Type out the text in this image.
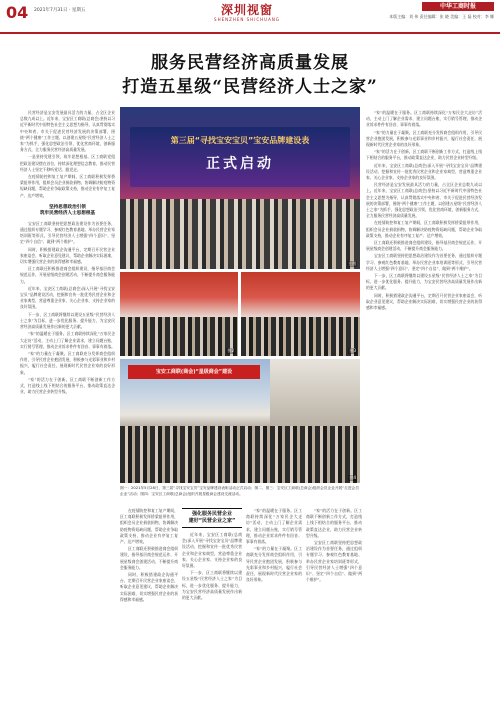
04 2021年7月31日 · 星期五	深圳视窗
SHENZHEN SHICHUANG
中华工商时报
本版主编：刘 伟 责任编辑：张 晓 美编：王 磊 校对：李 娜
服务民营经济高质量发展
打造五星级“民营经济人士之家”

民营经济是宝安发展最具活力的力量，占全区企业总数九成以上。近年来，宝安区工商联(总商会)坚持以习近平新时代中国特色社会主义思想为指导，认真贯彻落实中央和省、市关于促进民营经济发展的决策部署，围绕“两个健康”工作主题，以创建五星级“民营经济人士之家”为抓手，强化思想政治引领，优化营商环境，创新服务方式，全力服务民营经济高质量发展。

一是坚持党建引领，筑牢思想根基。区工商联党组把政治建设摆在首位，持续深化理想信念教育，推动民营经济人士坚定不移听党话、跟党走。

在疫情防控和复工复产期间，区工商联积极发挥桥梁纽带作用，组织会员企业捐款捐物，协调解决防疫物资短缺问题，帮助企业争取政策支持，推动企业有序复工复产、达产增效。

坚持思想政治引领
筑牢民营经济人士思想根基

宝安区工商联坚持把思想政治建设作为首要任务，通过组织专题学习、参观红色教育基地、举办民营企业家培训班等形式，引导民营经济人士增强“四个意识”、坚定“四个自信”、做到“两个维护”。

同时，积极搭建政企沟通平台，定期召开民营企业家座谈会，听取企业意见建议，帮助企业解决实际困难，切实增强民营企业的获得感和幸福感。

区工商联还积极推进商会组织建设，指导基层商会规范运作，开展星级商会创建活动，不断提升商会服务能力。

近年来，宝安区工商联(总商会)深入开展“寻找宝安宝贝”品牌建设活动，挖掘和宣传一批优秀民营企业和企业家典型，营造尊重企业家、关心企业家、支持企业家的良好氛围。

下一步，区工商联将继续以建设五星级“民营经济人士之家”为目标，进一步优化服务、提升能力，为宝安民营经济高质量发展作出新的更大贡献。

“家”的温暖在于服务。区工商联持续深化“万家民企大走访”活动，主动上门了解企业需求，建立问题台账，实行销号管理，推动企业诉求件件有回音、事事有着落。

“家”的力量在于凝聚。区工商联充分发挥商会组织作用，引导民营企业抱团发展，积极参与光彩事业和乡村振兴，履行社会责任，展现新时代民营企业家的良好形象。

“家”的活力在于创新。区工商联不断创新工作方式，打造线上线下相结合的服务平台，推动政策直达企业，助力民营企业转型升级。

第三届“寻找宝安宝贝”宝安品牌建设表
正式启动
主图
图2	图3
宝安工商联(商会)“星级商会”建设
图4
图一：2021年5月28日，第三届“寻找宝安宝贝”宝安品牌建设表彰活动正式启动；图二、图三：宝安区工商联(总商会)组织会员企业开展“走进会员企业”活动；图四：宝安区工商联(总商会)组织开展星级商会建设交流活动。

在疫情防控和复工复产期间，区工商联积极发挥桥梁纽带作用，组织会员企业捐款捐物，协调解决防疫物资短缺问题，帮助企业争取政策支持，推动企业有序复工复产、达产增效。

区工商联还积极推进商会组织建设，指导基层商会规范运作，开展星级商会创建活动，不断提升商会服务能力。

同时，积极搭建政企沟通平台，定期召开民营企业家座谈会，听取企业意见建议，帮助企业解决实际困难，切实增强民营企业的获得感和幸福感。

强化服务民营企业
建好“民营企业之家”

近年来，宝安区工商联(总商会)深入开展“寻找宝安宝贝”品牌建设活动，挖掘和宣传一批优秀民营企业和企业家典型，营造尊重企业家、关心企业家、支持企业家的良好氛围。

下一步，区工商联将继续以建设五星级“民营经济人士之家”为目标，进一步优化服务、提升能力，为宝安民营经济高质量发展作出新的更大贡献。

“家”的温暖在于服务。区工商联持续深化“万家民企大走访”活动，主动上门了解企业需求，建立问题台账，实行销号管理，推动企业诉求件件有回音、事事有着落。

“家”的力量在于凝聚。区工商联充分发挥商会组织作用，引导民营企业抱团发展，积极参与光彩事业和乡村振兴，履行社会责任，展现新时代民营企业家的良好形象。

“家”的活力在于创新。区工商联不断创新工作方式，打造线上线下相结合的服务平台，推动政策直达企业，助力民营企业转型升级。

宝安区工商联坚持把思想政治建设作为首要任务，通过组织专题学习、参观红色教育基地、举办民营企业家培训班等形式，引导民营经济人士增强“四个意识”、坚定“四个自信”、做到“两个维护”。

“家”的温暖在于服务。区工商联持续深化“万家民企大走访”活动，主动上门了解企业需求，建立问题台账，实行销号管理，推动企业诉求件件有回音、事事有着落。

“家”的力量在于凝聚。区工商联充分发挥商会组织作用，引导民营企业抱团发展，积极参与光彩事业和乡村振兴，履行社会责任，展现新时代民营企业家的良好形象。

“家”的活力在于创新。区工商联不断创新工作方式，打造线上线下相结合的服务平台，推动政策直达企业，助力民营企业转型升级。

近年来，宝安区工商联(总商会)深入开展“寻找宝安宝贝”品牌建设活动，挖掘和宣传一批优秀民营企业和企业家典型，营造尊重企业家、关心企业家、支持企业家的良好氛围。

民营经济是宝安发展最具活力的力量，占全区企业总数九成以上。近年来，宝安区工商联(总商会)坚持以习近平新时代中国特色社会主义思想为指导，认真贯彻落实中央和省、市关于促进民营经济发展的决策部署，围绕“两个健康”工作主题，以创建五星级“民营经济人士之家”为抓手，强化思想政治引领，优化营商环境，创新服务方式，全力服务民营经济高质量发展。

在疫情防控和复工复产期间，区工商联积极发挥桥梁纽带作用，组织会员企业捐款捐物，协调解决防疫物资短缺问题，帮助企业争取政策支持，推动企业有序复工复产、达产增效。

区工商联还积极推进商会组织建设，指导基层商会规范运作，开展星级商会创建活动，不断提升商会服务能力。

宝安区工商联坚持把思想政治建设作为首要任务，通过组织专题学习、参观红色教育基地、举办民营企业家培训班等形式，引导民营经济人士增强“四个意识”、坚定“四个自信”、做到“两个维护”。

下一步，区工商联将继续以建设五星级“民营经济人士之家”为目标，进一步优化服务、提升能力，为宝安民营经济高质量发展作出新的更大贡献。

同时，积极搭建政企沟通平台，定期召开民营企业家座谈会，听取企业意见建议，帮助企业解决实际困难，切实增强民营企业的获得感和幸福感。
